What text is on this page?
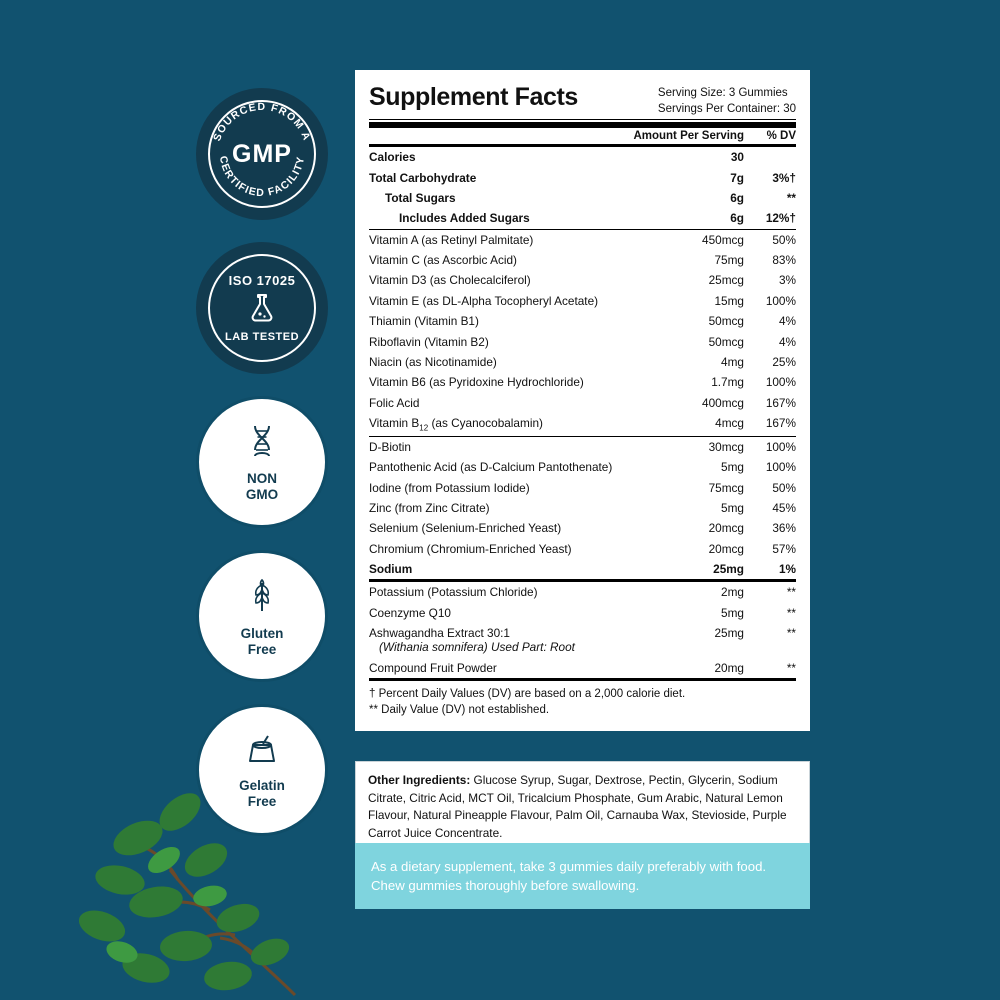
SOURCED FROM A
CERTIFIED FACILITY
GMP
ISO 17025
LAB TESTED
NON
GMO
Gluten
Free
Gelatin
Free
Supplement Facts	Serving Size: 3 Gummies
Servings Per Container: 30
Amount Per Serving	% DV
Calories	30	
Total Carbohydrate	7g	3%†
Total Sugars	6g	**
Includes Added Sugars	6g	12%†
Vitamin A (as Retinyl Palmitate)	450mcg	50%
Vitamin C (as Ascorbic Acid)	75mg	83%
Vitamin D3 (as Cholecalciferol)	25mcg	3%
Vitamin E (as DL-Alpha Tocopheryl Acetate)	15mg	100%
Thiamin (Vitamin B1)	50mcg	4%
Riboflavin (Vitamin B2)	50mcg	4%
Niacin (as Nicotinamide)	4mg	25%
Vitamin B6 (as Pyridoxine Hydrochloride)	1.7mg	100%
Folic Acid	400mcg	167%
Vitamin $B_{12}$ (as Cyanocobalamin)	4mcg	167%
D-Biotin	30mcg	100%
Pantothenic Acid (as D-Calcium Pantothenate)	5mg	100%
Iodine (from Potassium Iodide)	75mcg	50%
Zinc (from Zinc Citrate)	5mg	45%
Selenium (Selenium-Enriched Yeast)	20mcg	36%
Chromium (Chromium-Enriched Yeast)	20mcg	57%
Sodium	25mg	1%
Potassium (Potassium Chloride)	2mg	**
Coenzyme Q10	5mg	**
Ashwagandha Extract 30:1
(Withania somnifera) Used Part: Root	25mg	**
Compound Fruit Powder	20mg	**
† Percent Daily Values (DV) are based on a 2,000 calorie diet.
** Daily Value (DV) not established.
Other Ingredients: Glucose Syrup, Sugar, Dextrose, Pectin, Glycerin, Sodium Citrate, Citric Acid, MCT Oil, Tricalcium Phosphate, Gum Arabic, Natural Lemon Flavour, Natural Pineapple Flavour, Palm Oil, Carnauba Wax, Stevioside, Purple Carrot Juice Concentrate.
As a dietary supplement, take 3 gummies daily preferably with food. Chew gummies thoroughly before swallowing.
